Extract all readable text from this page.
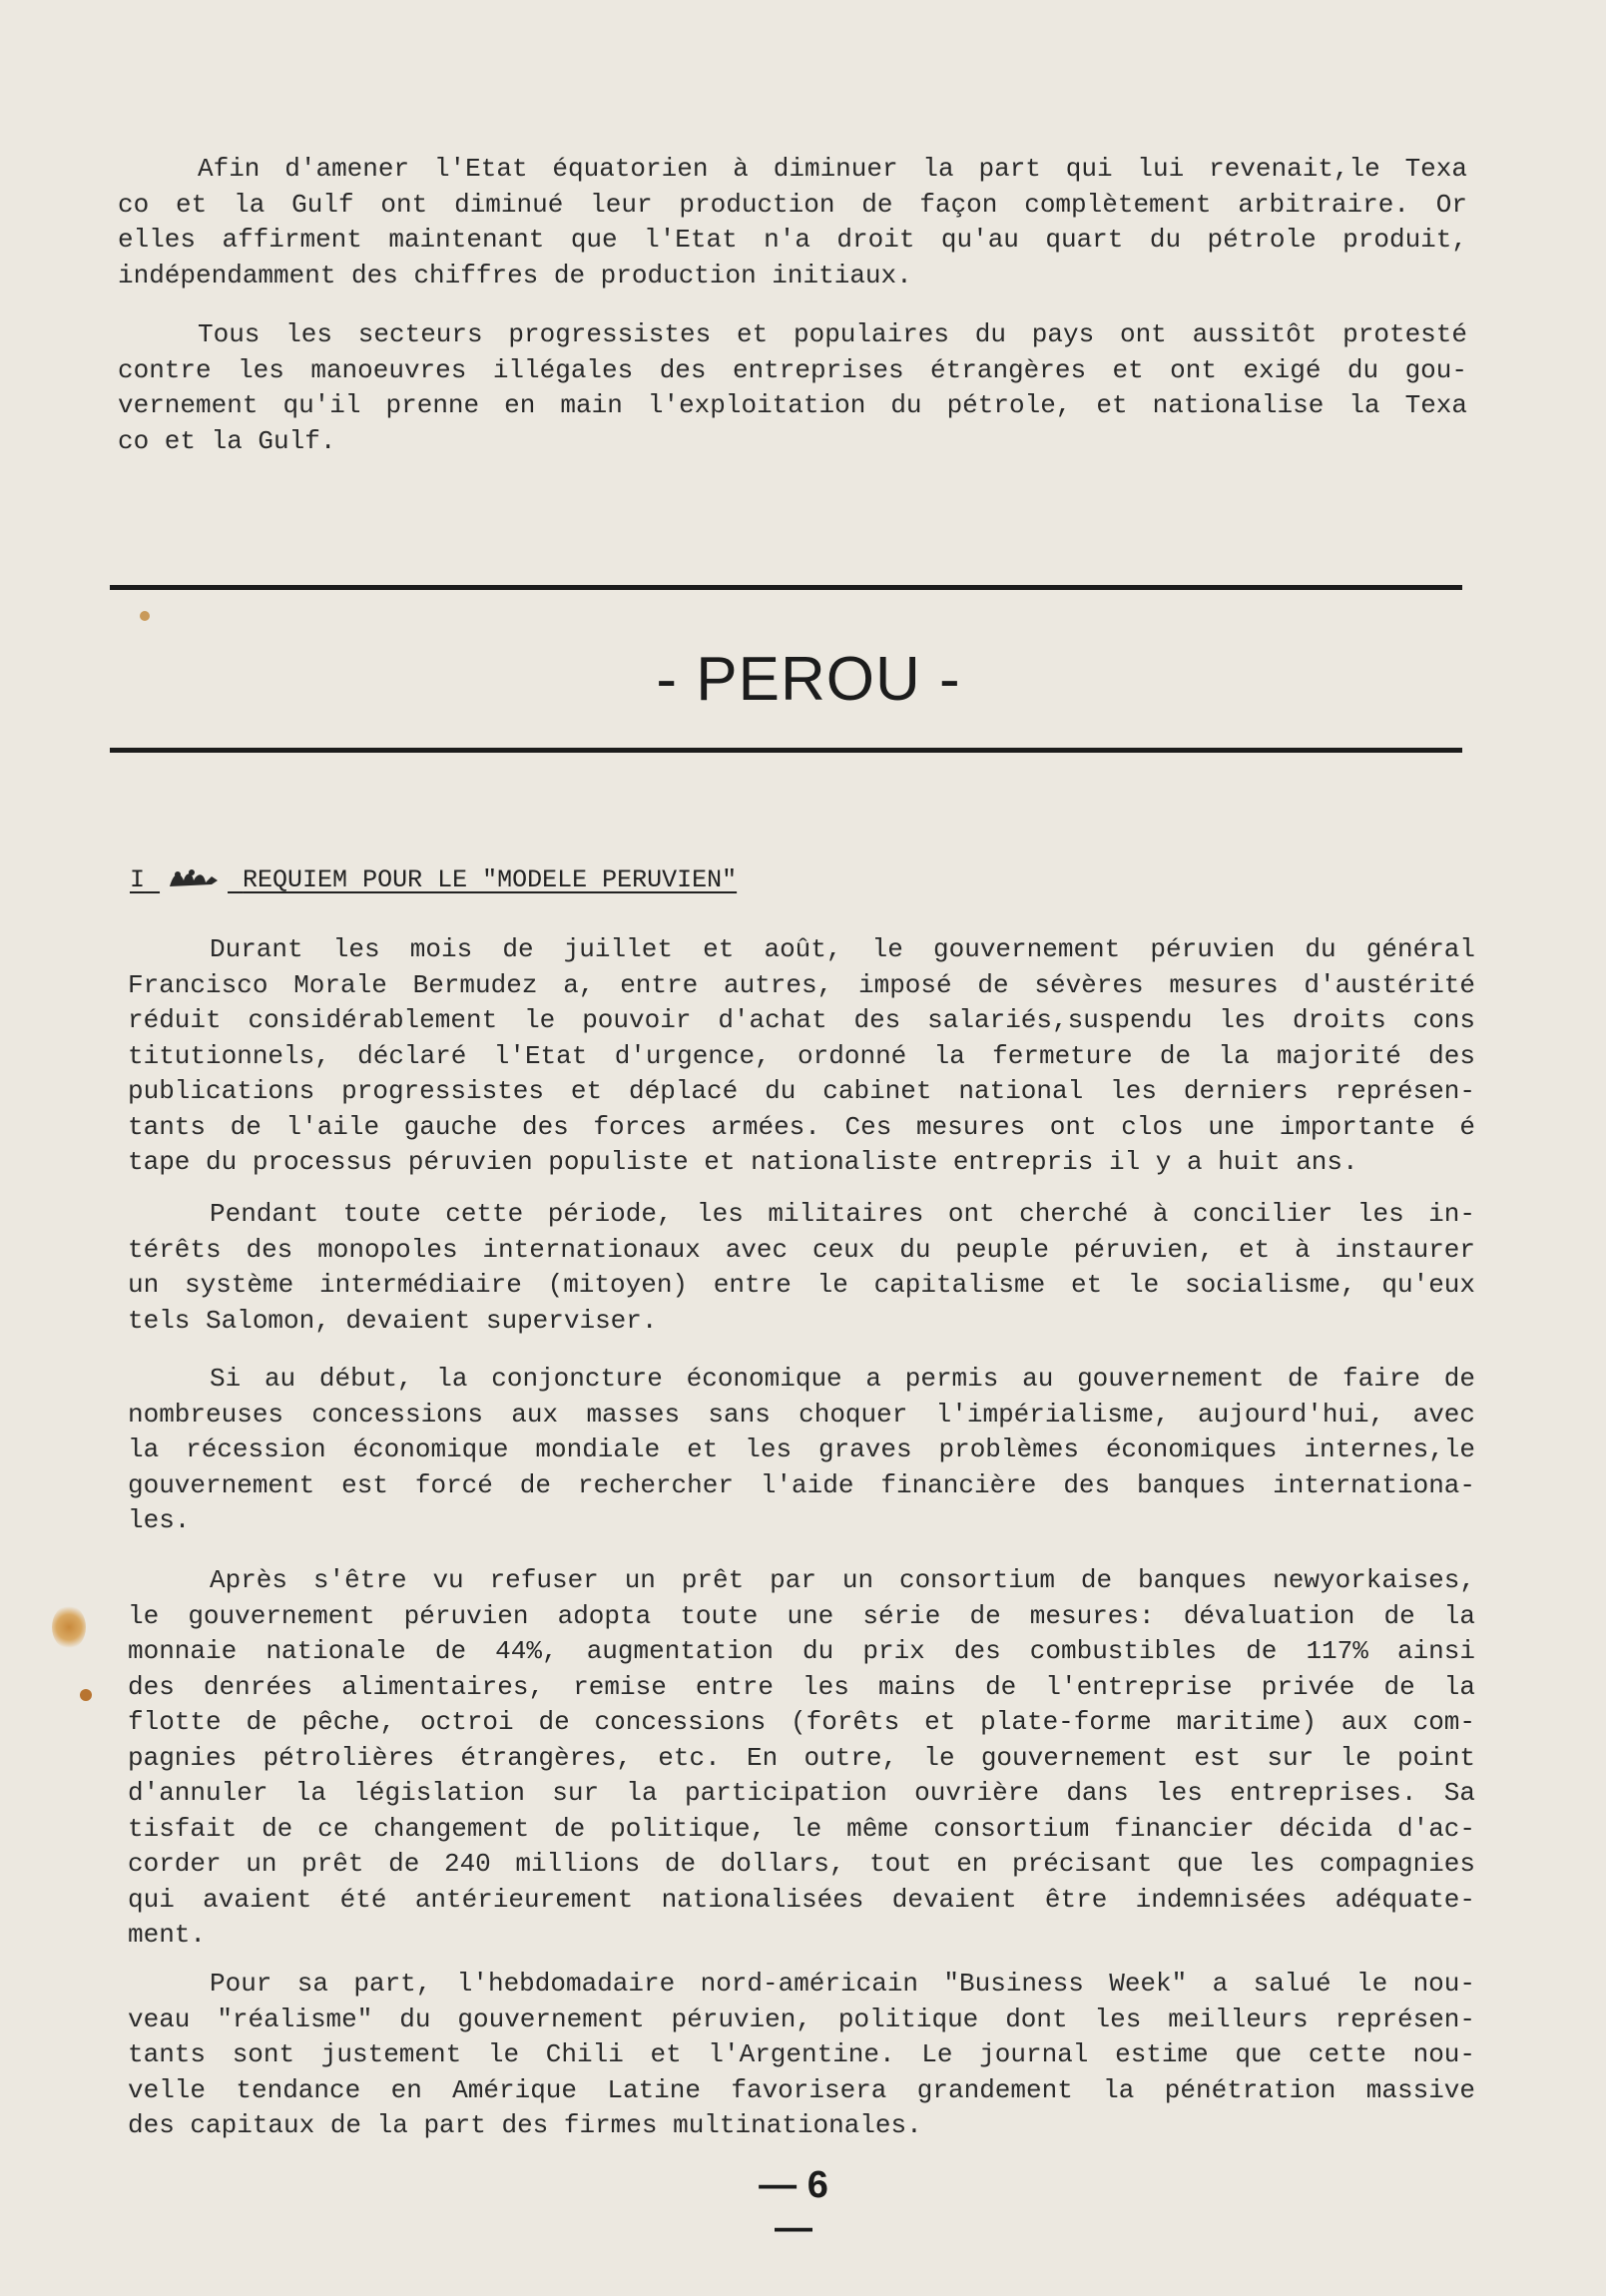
Afin d'amener l'Etat équatorien à diminuer la part qui lui revenait,le Texa
co et la Gulf ont diminué leur production de façon complètement arbitraire. Or
elles affirment maintenant que l'Etat n'a droit qu'au quart du pétrole produit,
indépendamment des chiffres de production initiaux.
Tous les secteurs progressistes et populaires du pays ont aussitôt protesté
contre les manoeuvres illégales des entreprises étrangères et ont exigé du gou-
vernement qu'il prenne en main l'exploitation du pétrole, et nationalise la Texa
co et la Gulf.
- PEROU -
I	REQUIEM POUR LE "MODELE PERUVIEN"
Durant les mois de juillet et août, le gouvernement péruvien du général
Francisco Morale Bermudez a, entre autres, imposé de sévères mesures d'austérité
réduit considérablement le pouvoir d'achat des salariés,suspendu les droits cons
titutionnels, déclaré l'Etat d'urgence, ordonné la fermeture de la majorité des
publications progressistes et déplacé du cabinet national les derniers représen-
tants de l'aile gauche des forces armées. Ces mesures ont clos une importante é
tape du processus péruvien populiste et nationaliste entrepris il y a huit ans.
Pendant toute cette période, les militaires ont cherché à concilier les in-
térêts des monopoles internationaux avec ceux du peuple péruvien, et à instaurer
un système intermédiaire (mitoyen) entre le capitalisme et le socialisme, qu'eux
tels Salomon, devaient superviser.
Si au début, la conjoncture économique a permis au gouvernement de faire de
nombreuses concessions aux masses sans choquer l'impérialisme, aujourd'hui, avec
la récession économique mondiale et les graves problèmes économiques internes,le
gouvernement est forcé de rechercher l'aide financière des banques internationa-
les.
Après s'être vu refuser un prêt par un consortium de banques newyorkaises,
le gouvernement péruvien adopta toute une série de mesures: dévaluation de la
monnaie nationale de 44%, augmentation du prix des combustibles de 117% ainsi
des denrées alimentaires, remise entre les mains de l'entreprise privée de la
flotte de pêche, octroi de concessions (forêts et plate-forme maritime) aux com-
pagnies pétrolières étrangères, etc. En outre, le gouvernement est sur le point
d'annuler la législation sur la participation ouvrière dans les entreprises. Sa
tisfait de ce changement de politique, le même consortium financier décida d'ac-
corder un prêt de 240 millions de dollars, tout en précisant que les compagnies
qui avaient été antérieurement nationalisées devaient être indemnisées adéquate-
ment.
Pour sa part, l'hebdomadaire nord-américain "Business Week" a salué le nou-
veau "réalisme" du gouvernement péruvien, politique dont les meilleurs représen-
tants sont justement le Chili et l'Argentine. Le journal estime que cette nou-
velle tendance en Amérique Latine favorisera grandement la pénétration massive
des capitaux de la part des firmes multinationales.
— 6 —
